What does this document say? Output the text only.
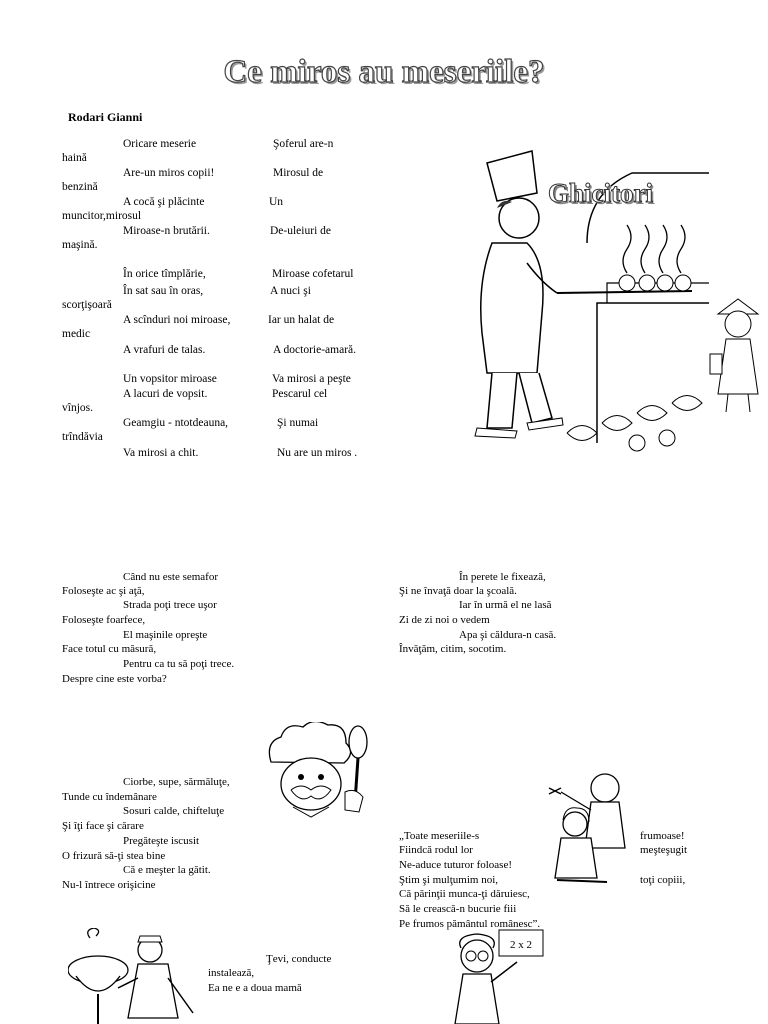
Ce miros au meseriile?
Rodari Gianni
Oricare meserie	Şoferul are-n
haină
Are-un miros copii!	Mirosul de
benzină
A cocă şi plăcinte	Un
muncitor,mirosul
Miroase-n brutării.	De-uleiuri de
maşină.
În orice tîmplărie,	Miroase cofetarul
În sat sau în oras,	A nuci şi
scorţişoară
A scînduri noi miroase,	Iar un halat de
medic
A vrafuri de talas.	A doctorie-amară.
Un vopsitor miroase	Va mirosi a peşte
A lacuri de vopsit.	Pescarul cel
vînjos.
Geamgiu - ntotdeauna,	Şi numai
trîndăvia
Va mirosi a chit.	Nu are un miros .
Ghicitori
Când nu este semafor
Foloseşte ac şi aţă,
Strada poţi trece uşor
Foloseşte foarfece,
El maşinile opreşte
Face totul cu măsură,
Pentru ca tu să poţi trece.
Despre cine este vorba?
În perete le fixează,
Şi ne învaţă doar la şcoală.
Iar în urmă el ne lasă
Zi de zi noi o vedem
Apa şi căldura-n casă.
Învăţăm, citim, socotim.
Ciorbe, supe, sărmăluţe,
Tunde cu îndemânare
Sosuri calde, chifteluţe
Şi îţi face şi cărare
Pregăteşte iscusit
O frizură să-ţi stea bine
Că e meşter la gătit.
Nu-l întrece orişicine
„Toate meseriile-s
Fiindcă rodul lor
Ne-aduce tuturor foloase!
Ştim şi mulţumim noi,
Că părinţii munca-ţi dăruiesc,
Să le crească-n bucurie fiii
Pe frumos pământul românesc”.
frumoase!
meşteşugit
toţi copiii,
Ţevi, conducte
instalează,
Ea ne e a doua mamă
2 x 2
